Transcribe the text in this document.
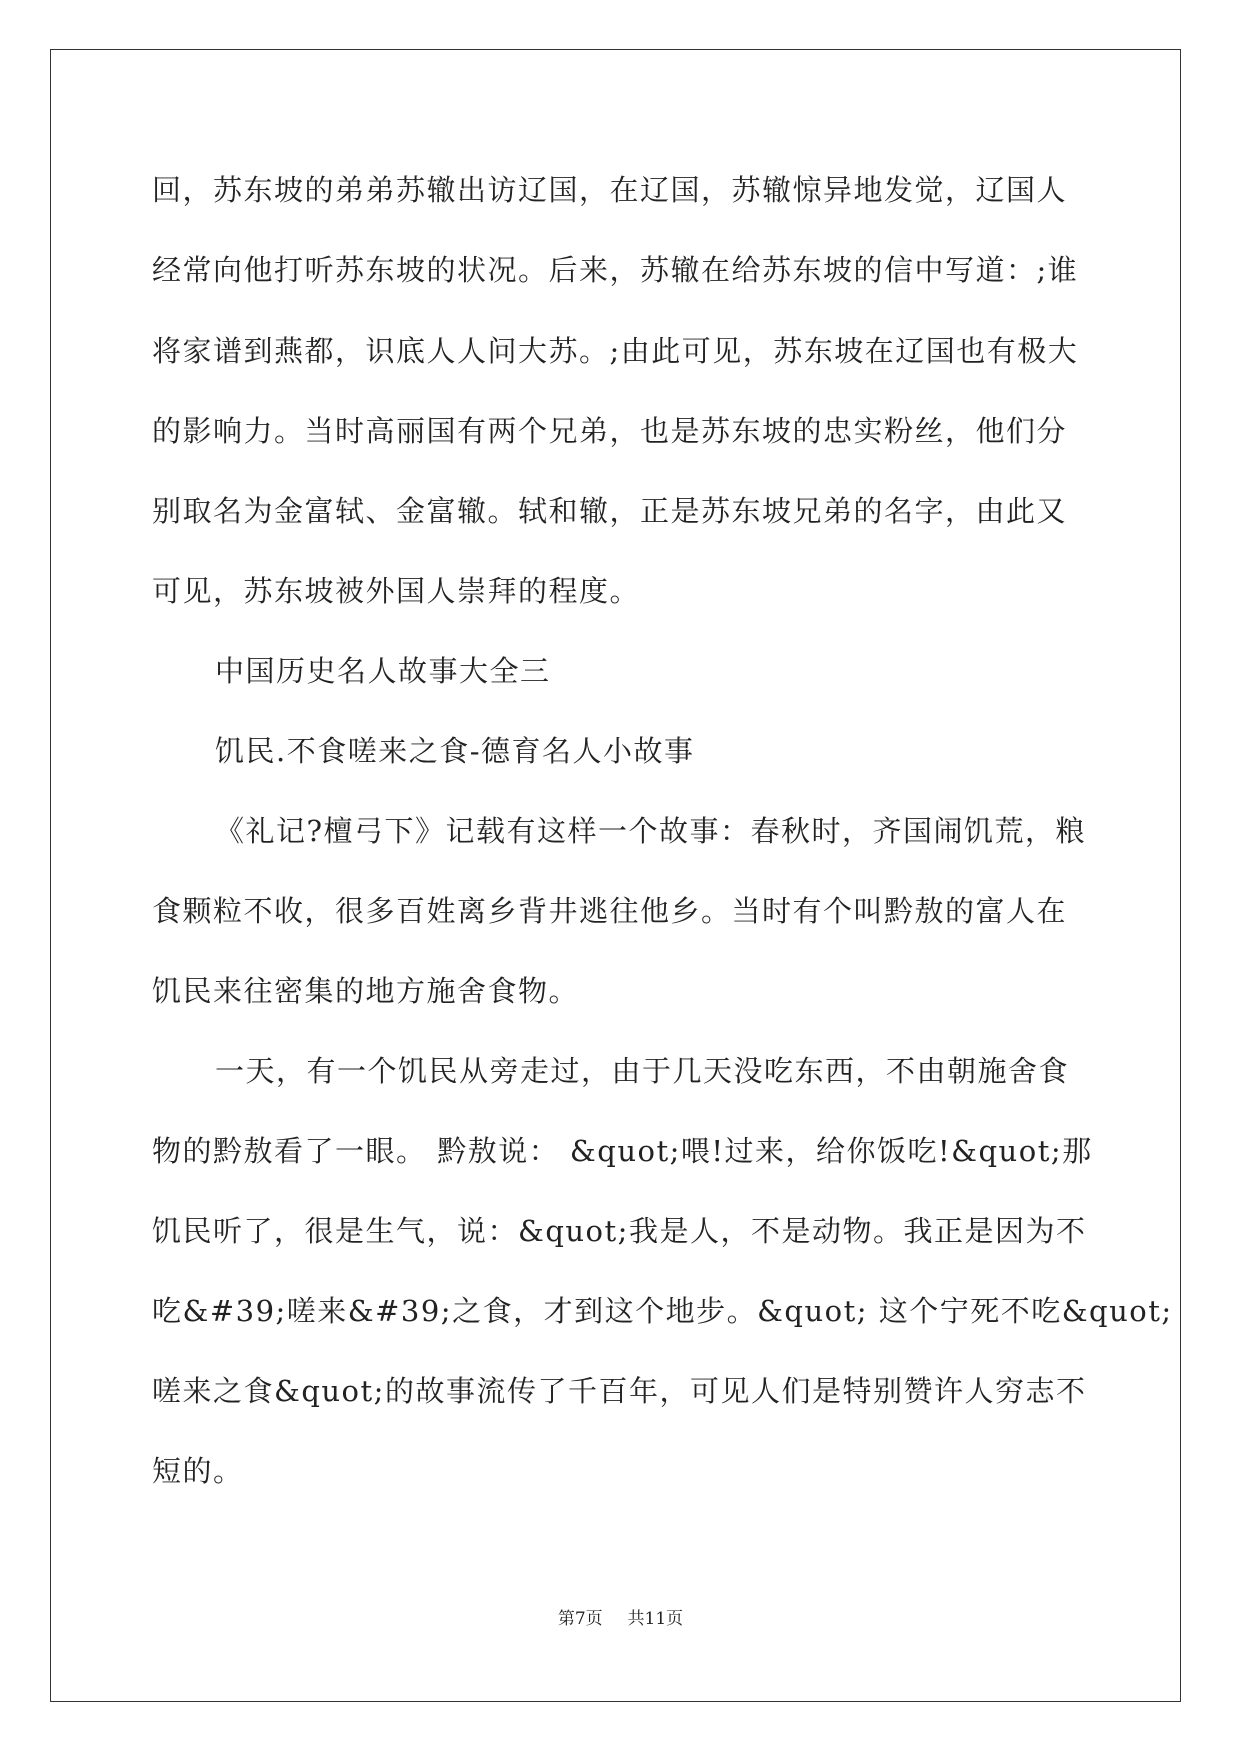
回，苏东坡的弟弟苏辙出访辽国，在辽国，苏辙惊异地发觉，辽国人
经常向他打听苏东坡的状况。后来，苏辙在给苏东坡的信中写道：;谁
将家谱到燕都，识底人人问大苏。;由此可见，苏东坡在辽国也有极大
的影响力。当时高丽国有两个兄弟，也是苏东坡的忠实粉丝，他们分
别取名为金富轼、金富辙。轼和辙，正是苏东坡兄弟的名字，由此又
可见，苏东坡被外国人崇拜的程度。
中国历史名人故事大全三
饥民.不食嗟来之食-德育名人小故事
《礼记?檀弓下》记载有这样一个故事：春秋时，齐国闹饥荒，粮
食颗粒不收，很多百姓离乡背井逃往他乡。当时有个叫黔敖的富人在
饥民来往密集的地方施舍食物。
一天，有一个饥民从旁走过，由于几天没吃东西，不由朝施舍食
物的黔敖看了一眼。 黔敖说： &quot;喂!过来，给你饭吃!&quot;那
饥民听了，很是生气，说：&quot;我是人，不是动物。我正是因为不
吃&#39;嗟来&#39;之食，才到这个地步。&quot; 这个宁死不吃&quot;
嗟来之食&quot;的故事流传了千百年，可见人们是特别赞许人穷志不
短的。
第7页 共11页
